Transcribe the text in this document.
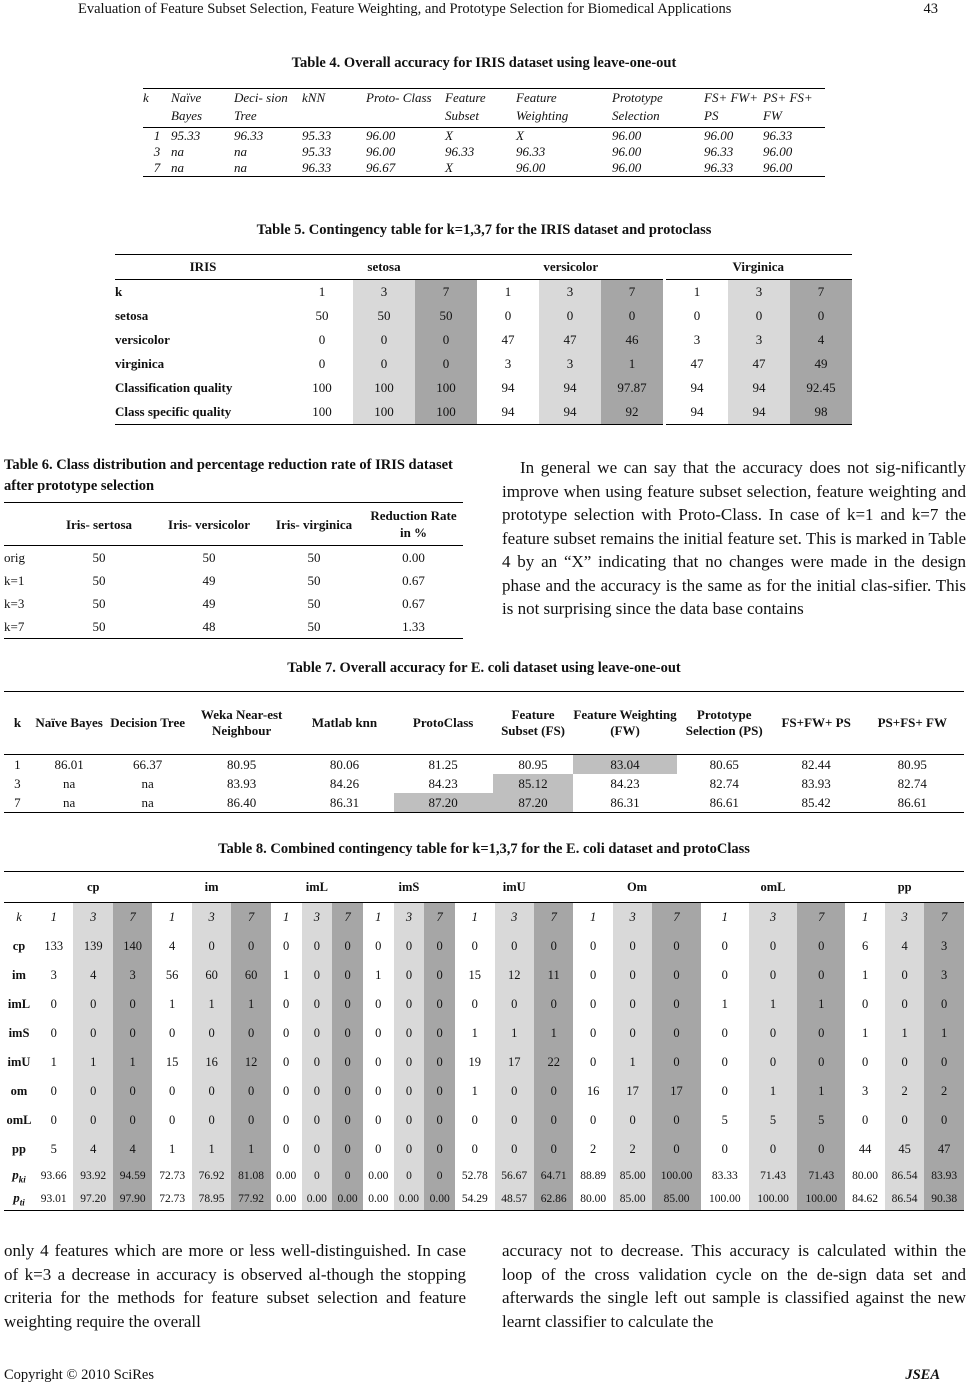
Evaluation of Feature Subset Selection, Feature Weighting, and Prototype Selection for Biomedical Applications	43
Table 4. Overall accuracy for IRIS dataset using leave-one-out
k	Naïve Bayes	Deci- sion Tree	kNN	Proto- Class	Feature Subset	Feature Weighting	Prototype Selection	FS+ FW+ PS	PS+ FS+ FW
1	95.33	96.33	95.33	96.00	X	X	96.00	96.00	96.33
3	na	na	95.33	96.00	96.33	96.33	96.00	96.33	96.00
7	na	na	96.33	96.67	X	96.00	96.00	96.33	96.00
Table 5. Contingency table for k=1,3,7 for the IRIS dataset and protoclass
IRIS	setosa			versicolor			Virginica		
k	1	3	7	1	3	7	1	3	7
setosa	50	50	50	0	0	0	0	0	0
versicolor	0	0	0	47	47	46	3	3	4
virginica	0	0	0	3	3	1	47	47	49
Classification quality	100	100	100	94	94	97.87	94	94	92.45
Class specific quality	100	100	100	94	94	92	94	94	98
Table 6. Class distribution and percentage reduction rate of IRIS dataset after prototype selection
	Iris- sertosa	Iris- versicolor	Iris- virginica	Reduction Rate in %
orig	50	50	50	0.00
k=1	50	49	50	0.67
k=3	50	49	50	0.67
k=7	50	48	50	1.33
In general we can say that the accuracy does not sig-nificantly improve when using feature subset selection, feature weighting and prototype selection with Proto-Class. In case of k=1 and k=7 the feature subset remains the initial feature set. This is marked in Table 4 by an “X” indicating that no changes were made in the design phase and the accuracy is the same as for the initial clas-sifier. This is not surprising since the data base contains
Table 7. Overall accuracy for E. coli dataset using leave-one-out
k	Naïve Bayes	Decision Tree	Weka Near-est Neighbour	Matlab knn	ProtoClass	Feature Subset (FS)	Feature Weighting (FW)	Prototype Selection (PS)	FS+FW+ PS	PS+FS+ FW
1	86.01	66.37	80.95	80.06	81.25	80.95	83.04	80.65	82.44	80.95
3	na	na	83.93	84.26	84.23	85.12	84.23	82.74	83.93	82.74
7	na	na	86.40	86.31	87.20	87.20	86.31	86.61	85.42	86.61
Table 8. Combined contingency table for k=1,3,7 for the E. coli dataset and protoClass
	cp			im			imL			imS			imU			Om			omL			pp		
k	1	3	7	1	3	7	1	3	7	1	3	7	1	3	7	1	3	7	1	3	7	1	3	7
cp	133	139	140	4	0	0	0	0	0	0	0	0	0	0	0	0	0	0	0	0	0	6	4	3
im	3	4	3	56	60	60	1	0	0	1	0	0	15	12	11	0	0	0	0	0	0	1	0	3
imL	0	0	0	1	1	1	0	0	0	0	0	0	0	0	0	0	0	0	1	1	1	0	0	0
imS	0	0	0	0	0	0	0	0	0	0	0	0	1	1	1	0	0	0	0	0	0	1	1	1
imU	1	1	1	15	16	12	0	0	0	0	0	0	19	17	22	0	1	0	0	0	0	0	0	0
om	0	0	0	0	0	0	0	0	0	0	0	0	1	0	0	16	17	17	0	1	1	3	2	2
omL	0	0	0	0	0	0	0	0	0	0	0	0	0	0	0	0	0	0	5	5	5	0	0	0
pp	5	4	4	1	1	1	0	0	0	0	0	0	0	0	0	2	2	0	0	0	0	44	45	47
$p_{ki}$	93.66	93.92	94.59	72.73	76.92	81.08	0.00	0	0	0.00	0	0	52.78	56.67	64.71	88.89	85.00	100.00	83.33	71.43	71.43	80.00	86.54	83.93
$p_{ti}$	93.01	97.20	97.90	72.73	78.95	77.92	0.00	0.00	0.00	0.00	0.00	0.00	54.29	48.57	62.86	80.00	85.00	85.00	100.00	100.00	100.00	84.62	86.54	90.38
only 4 features which are more or less well-distinguished. In case of k=3 a decrease in accuracy is observed al-though the stopping criteria for the methods for feature subset selection and feature weighting require the overall
accuracy not to decrease. This accuracy is calculated within the loop of the cross validation cycle on the de-sign data set and afterwards the single left out sample is classified against the new learnt classifier to calculate the
Copyright © 2010 SciRes	JSEA
